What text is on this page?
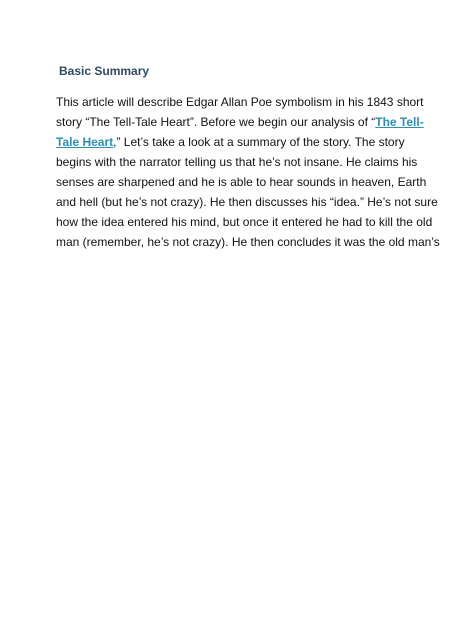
Basic Summary
This article will describe Edgar Allan Poe symbolism in his 1843 short
story “The Tell-Tale Heart”. Before we begin our analysis of “The Tell-
Tale Heart,” Let’s take a look at a summary of the story. The story
begins with the narrator telling us that he’s not insane. He claims his
senses are sharpened and he is able to hear sounds in heaven, Earth
and hell (but he’s not crazy). He then discusses his “idea.” He’s not sure
how the idea entered his mind, but once it entered he had to kill the old
man (remember, he’s not crazy). He then concludes it was the old man’s
